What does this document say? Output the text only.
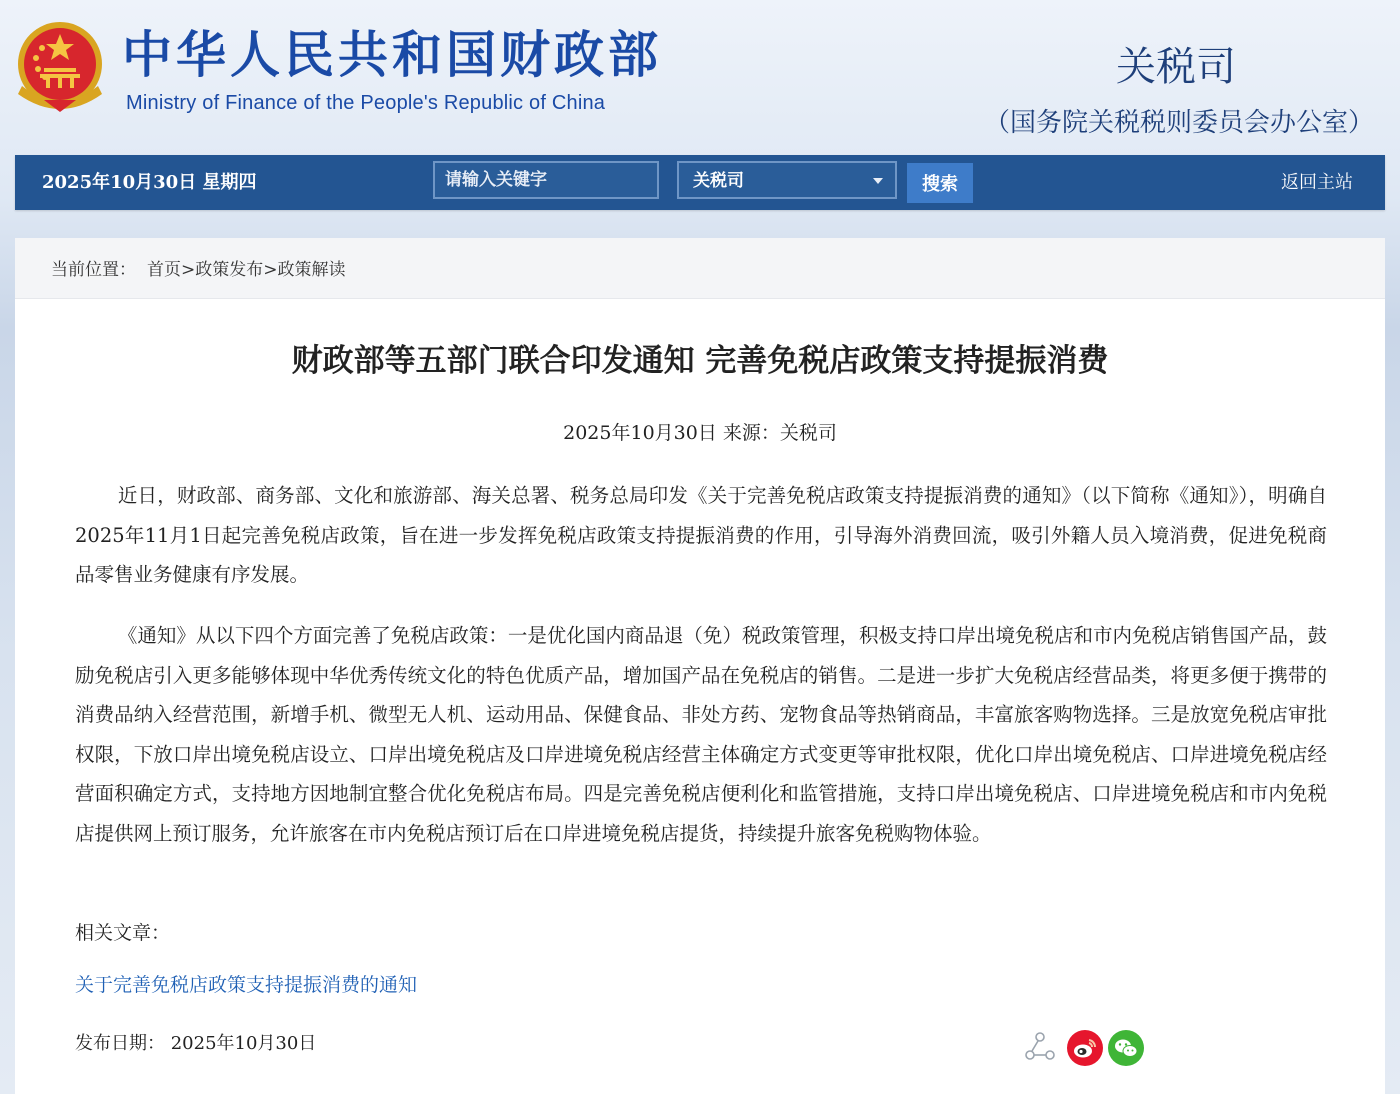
中华人民共和国财政部
Ministry of Finance of the People's Republic of China
关税司
（国务院关税税则委员会办公室）
2025年10月30日 星期四
请输入关键字	关税司	搜索	返回主站
当前位置： 首页>政策发布>政策解读
财政部等五部门联合印发通知 完善免税店政策支持提振消费
2025年10月30日 来源：关税司

近日，财政部、商务部、文化和旅游部、海关总署、税务总局印发《关于完善免税店政策支持提振消费的通知》（以下简称《通知》），明确自2025年11月1日起完善免税店政策，旨在进一步发挥免税店政策支持提振消费的作用，引导海外消费回流，吸引外籍人员入境消费，促进免税商品零售业务健康有序发展。

《通知》从以下四个方面完善了免税店政策：一是优化国内商品退（免）税政策管理，积极支持口岸出境免税店和市内免税店销售国产品，鼓励免税店引入更多能够体现中华优秀传统文化的特色优质产品，增加国产品在免税店的销售。二是进一步扩大免税店经营品类，将更多便于携带的消费品纳入经营范围，新增手机、微型无人机、运动用品、保健食品、非处方药、宠物食品等热销商品，丰富旅客购物选择。三是放宽免税店审批权限，下放口岸出境免税店设立、口岸出境免税店及口岸进境免税店经营主体确定方式变更等审批权限，优化口岸出境免税店、口岸进境免税店经营面积确定方式，支持地方因地制宜整合优化免税店布局。四是完善免税店便利化和监管措施，支持口岸出境免税店、口岸进境免税店和市内免税店提供网上预订服务，允许旅客在市内免税店预订后在口岸进境免税店提货，持续提升旅客免税购物体验。

相关文章：
关于完善免税店政策支持提振消费的通知
发布日期： 2025年10月30日
